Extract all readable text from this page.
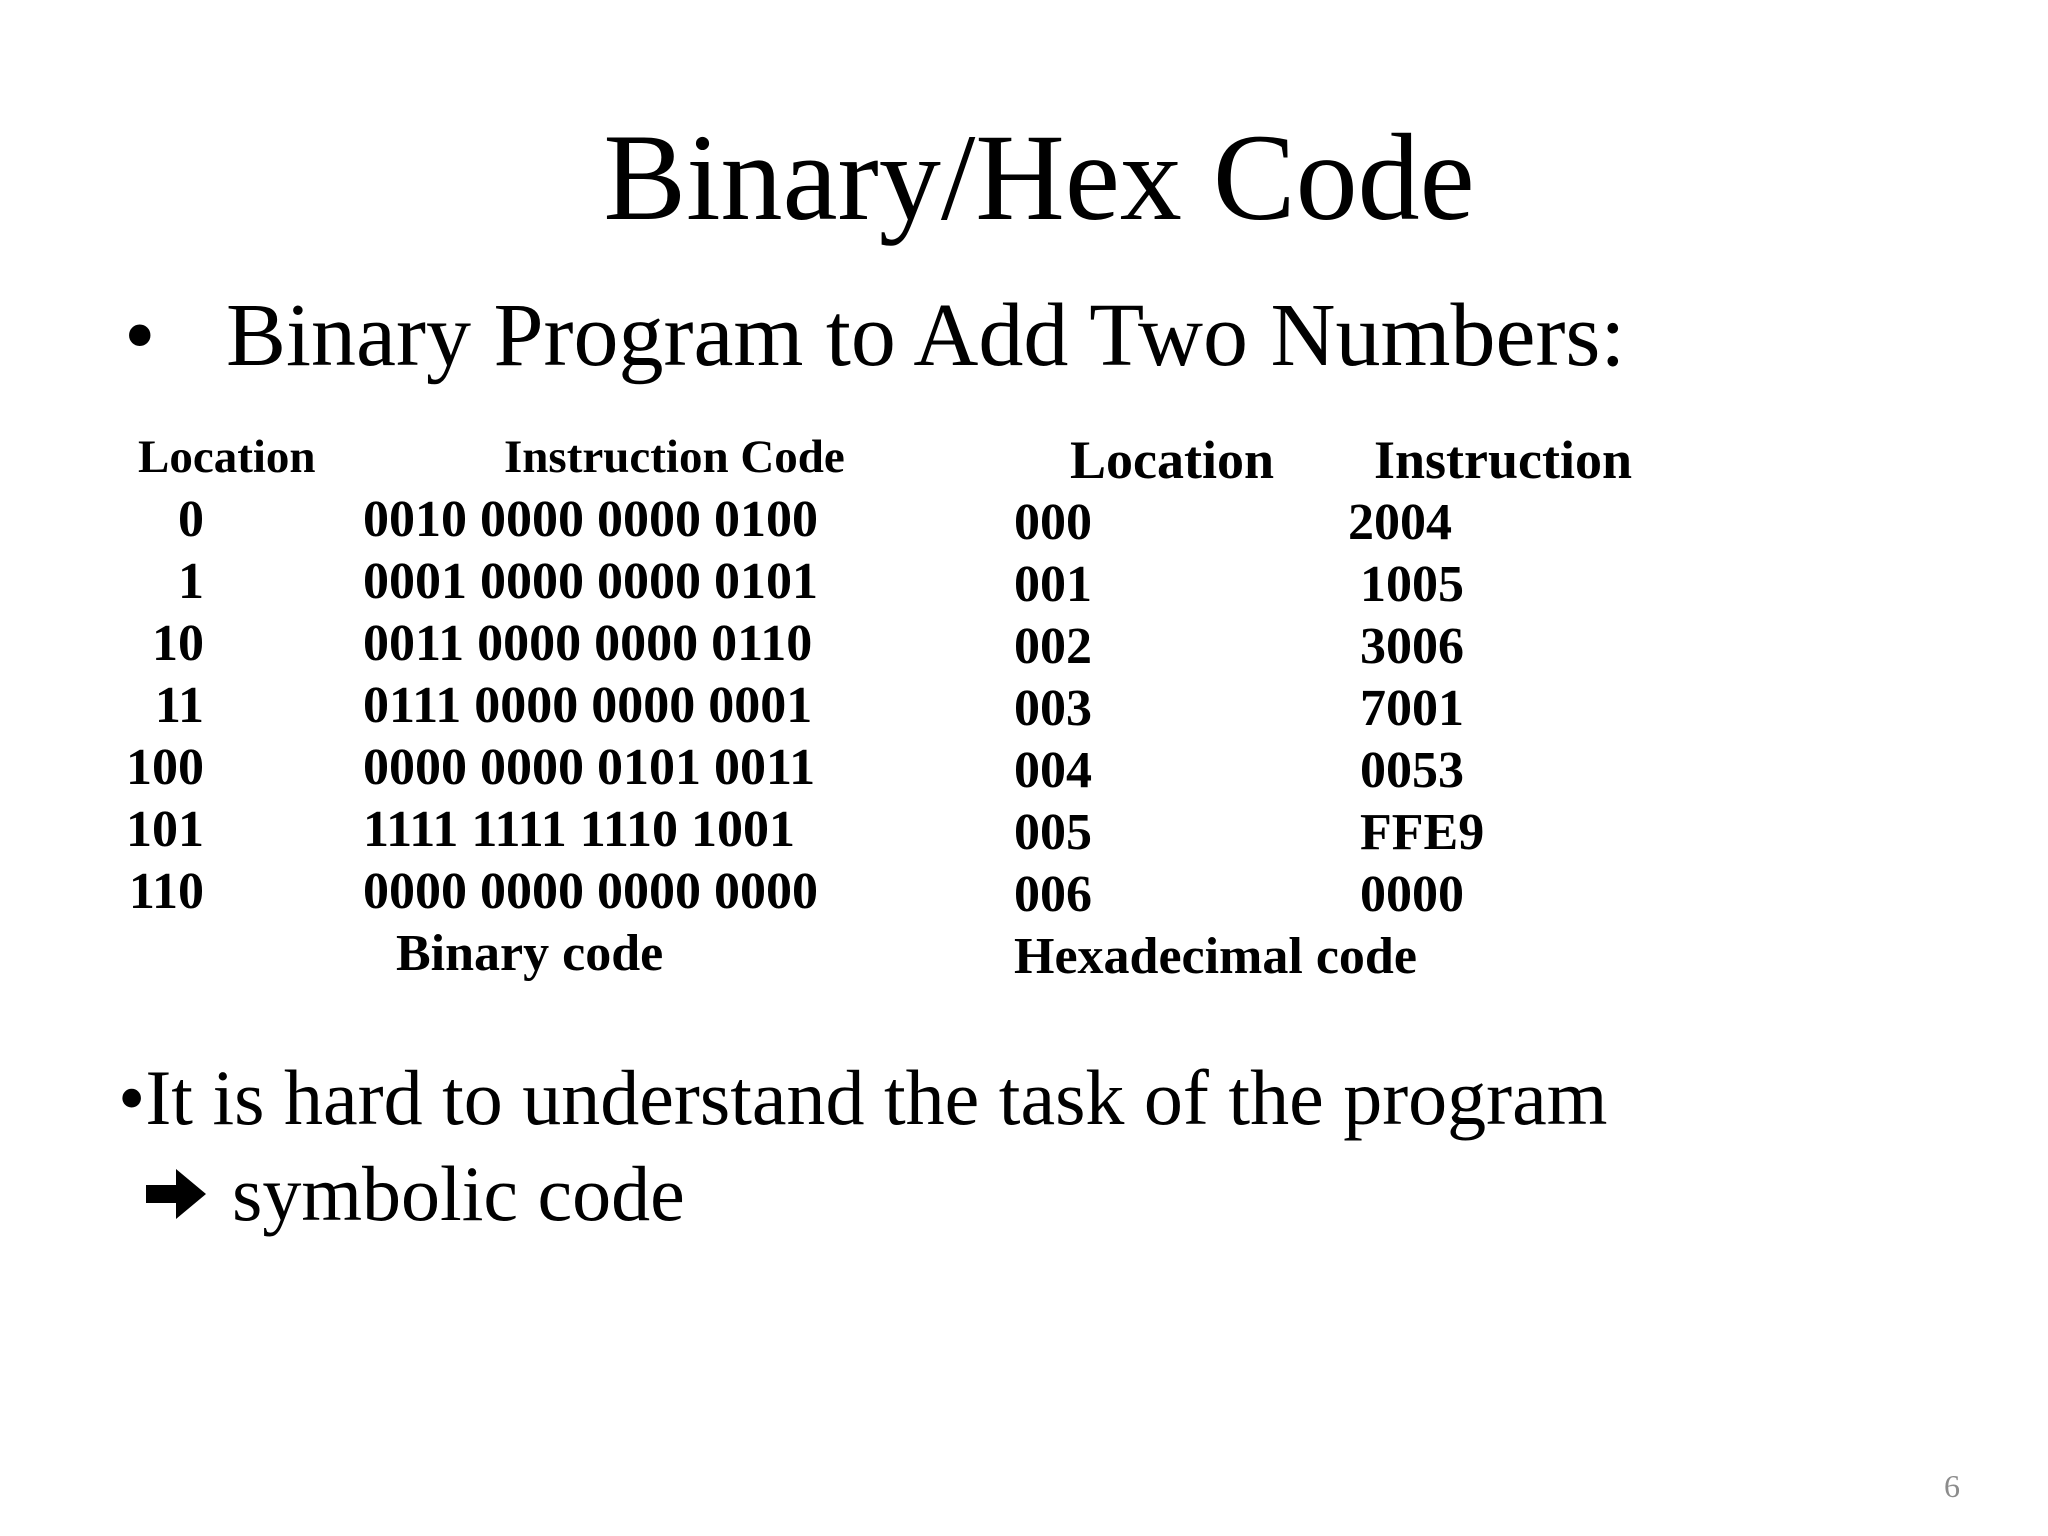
Binary/Hex Code
• Binary Program to Add Two Numbers:
Location	Instruction Code
0	0010 0000 0000 0100
1	0001 0000 0000 0101
10	0011 0000 0000 0110
11	0111 0000 0000 0001
100	0000 0000 0101 0011
101	1111 1111 1110 1001
110	0000 0000 0000 0000
Binary code
Location Instruction
000	2004
001	1005
002	3006
003	7001
004	0053
005	FFE9
006	0000
Hexadecimal code
•It is hard to understand the task of the program
symbolic code
6
